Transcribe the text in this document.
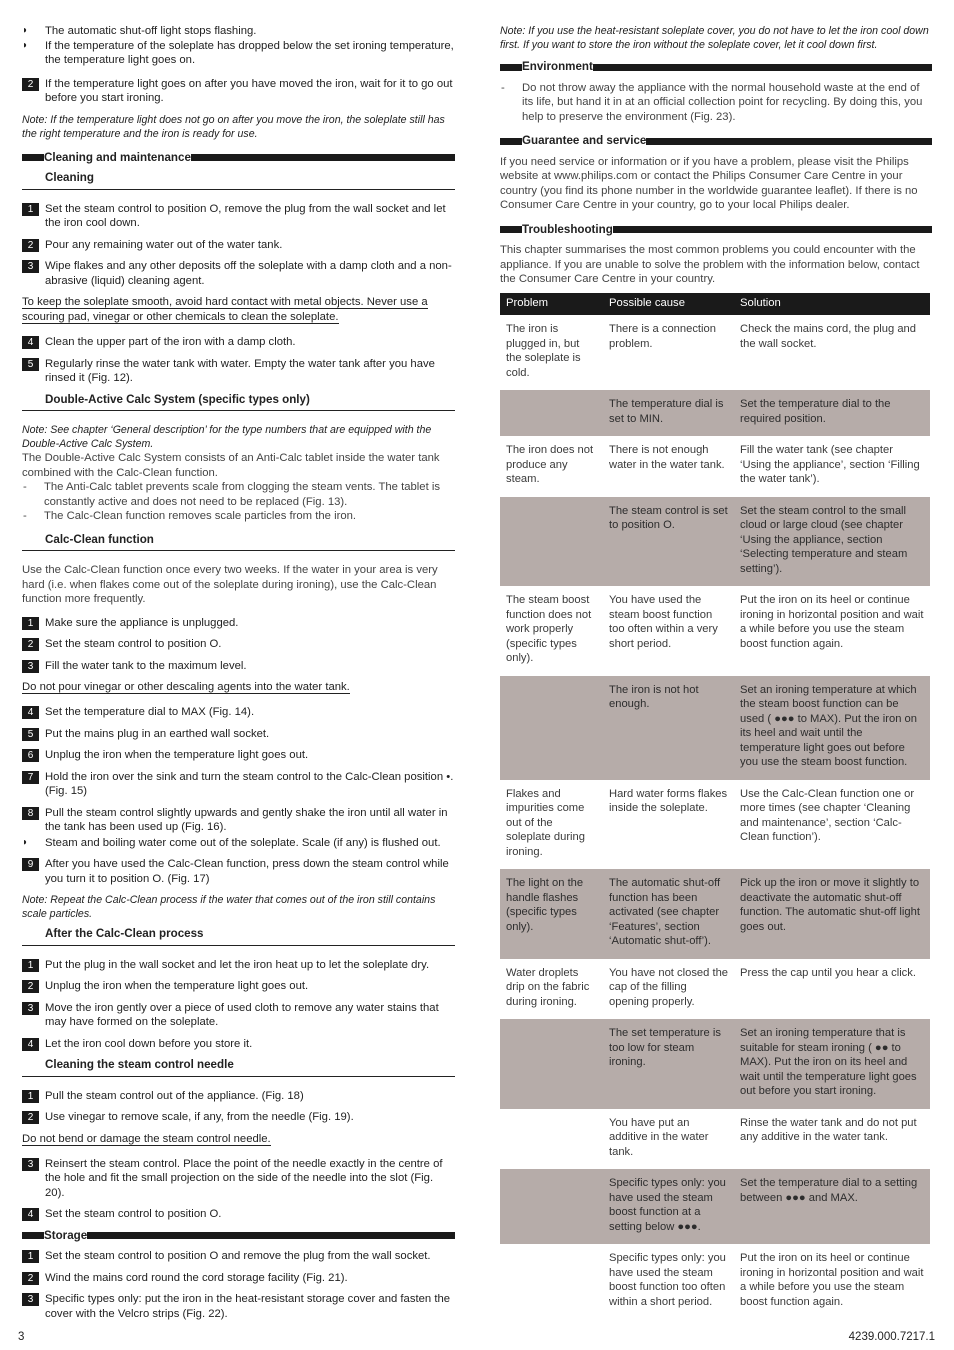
◗ The automatic shut-off light stops flashing.
◗ If the temperature of the soleplate has dropped below the set ironing temperature, the temperature light goes on.
2	If the temperature light goes on after you have moved the iron, wait for it to go out before you start ironing.
Note: If the temperature light does not go on after you move the iron, the soleplate still has the right temperature and the iron is ready for use.
Cleaning and maintenance
Cleaning
1	Set the steam control to position O, remove the plug from the wall socket and let the iron cool down.
2	Pour any remaining water out of the water tank.
3	Wipe flakes and any other deposits off the soleplate with a damp cloth and a non-abrasive (liquid) cleaning agent.
To keep the soleplate smooth, avoid hard contact with metal objects. Never use a scouring pad, vinegar or other chemicals to clean the soleplate.
4	Clean the upper part of the iron with a damp cloth.
5	Regularly rinse the water tank with water. Empty the water tank after you have rinsed it (Fig. 12).
Double-Active Calc System (specific types only)
Note: See chapter ‘General description’ for the type numbers that are equipped with the Double-Active Calc System.
The Double-Active Calc System consists of an Anti-Calc tablet inside the water tank combined with the Calc-Clean function.
- The Anti-Calc tablet prevents scale from clogging the steam vents. The tablet is constantly active and does not need to be replaced (Fig. 13).
- The Calc-Clean function removes scale particles from the iron.
Calc-Clean function
Use the Calc-Clean function once every two weeks. If the water in your area is very hard (i.e. when flakes come out of the soleplate during ironing), use the Calc-Clean function more frequently.
1	Make sure the appliance is unplugged.
2	Set the steam control to position O.
3	Fill the water tank to the maximum level.
Do not pour vinegar or other descaling agents into the water tank.
4	Set the temperature dial to MAX (Fig. 14).
5	Put the mains plug in an earthed wall socket.
6	Unplug the iron when the temperature light goes out.
7	Hold the iron over the sink and turn the steam control to the Calc-Clean position •. (Fig. 15)
8	Pull the steam control slightly upwards and gently shake the iron until all water in the tank has been used up (Fig. 16).
◗ Steam and boiling water come out of the soleplate. Scale (if any) is flushed out.
9	After you have used the Calc-Clean function, press down the steam control while you turn it to position O. (Fig. 17)
Note: Repeat the Calc-Clean process if the water that comes out of the iron still contains scale particles.
After the Calc-Clean process
1	Put the plug in the wall socket and let the iron heat up to let the soleplate dry.
2	Unplug the iron when the temperature light goes out.
3	Move the iron gently over a piece of used cloth to remove any water stains that may have formed on the soleplate.
4	Let the iron cool down before you store it.
Cleaning the steam control needle
1	Pull the steam control out of the appliance. (Fig. 18)
2	Use vinegar to remove scale, if any, from the needle (Fig. 19).
Do not bend or damage the steam control needle.
3	Reinsert the steam control. Place the point of the needle exactly in the centre of the hole and fit the small projection on the side of the needle into the slot (Fig. 20).
4	Set the steam control to position O.
Storage
1	Set the steam control to position O and remove the plug from the wall socket.
2	Wind the mains cord round the cord storage facility (Fig. 21).
3	Specific types only: put the iron in the heat-resistant storage cover and fasten the cover with the Velcro strips (Fig. 22).
Note: If you use the heat-resistant soleplate cover, you do not have to let the iron cool down first. If you want to store the iron without the soleplate cover, let it cool down first.
Environment
- Do not throw away the appliance with the normal household waste at the end of its life, but hand it in at an official collection point for recycling. By doing this, you help to preserve the environment (Fig. 23).
Guarantee and service
If you need service or information or if you have a problem, please visit the Philips website at www.philips.com or contact the Philips Consumer Care Centre in your country (you find its phone number in the worldwide guarantee leaflet). If there is no Consumer Care Centre in your country, go to your local Philips dealer.
Troubleshooting
This chapter summarises the most common problems you could encounter with the appliance. If you are unable to solve the problem with the information below, contact the Consumer Care Centre in your country.
Problem	Possible cause	Solution
The iron is plugged in, but the soleplate is cold.	There is a connection problem.	Check the mains cord, the plug and the wall socket.
	The temperature dial is set to MIN.	Set the temperature dial to the required position.
The iron does not produce any steam.	There is not enough water in the water tank.	Fill the water tank (see chapter ‘Using the appliance’, section ‘Filling the water tank’).
	The steam control is set to position O.	Set the steam control to the small cloud or large cloud (see chapter ‘Using the appliance, section ‘Selecting temperature and steam setting’).
The steam boost function does not work properly (specific types only).	You have used the steam boost function too often within a very short period.	Put the iron on its heel or continue ironing in horizontal position and wait a while before you use the steam boost function again.
	The iron is not hot enough.	Set an ironing temperature at which the steam boost function can be used ( ●●● to MAX). Put the iron on its heel and wait until the temperature light goes out before you use the steam boost function.
Flakes and impurities come out of the soleplate during ironing.	Hard water forms flakes inside the soleplate.	Use the Calc-Clean function one or more times (see chapter ‘Cleaning and maintenance’, section ‘Calc-Clean function’).
The light on the handle flashes (specific types only).	The automatic shut-off function has been activated (see chapter ‘Features’, section ‘Automatic shut-off’).	Pick up the iron or move it slightly to deactivate the automatic shut-off function. The automatic shut-off light goes out.
Water droplets drip on the fabric during ironing.	You have not closed the cap of the filling opening properly.	Press the cap until you hear a click.
	The set temperature is too low for steam ironing.	Set an ironing temperature that is suitable for steam ironing ( ●● to MAX). Put the iron on its heel and wait until the temperature light goes out before you start ironing.
	You have put an additive in the water tank.	Rinse the water tank and do not put any additive in the water tank.
	Specific types only: you have used the steam boost function at a setting below ●●●.	Set the temperature dial to a setting between ●●● and MAX.
	Specific types only: you have used the steam boost function too often within a short period.	Put the iron on its heel or continue ironing in horizontal position and wait a while before you use the steam boost function again.
3	4239.000.7217.1
